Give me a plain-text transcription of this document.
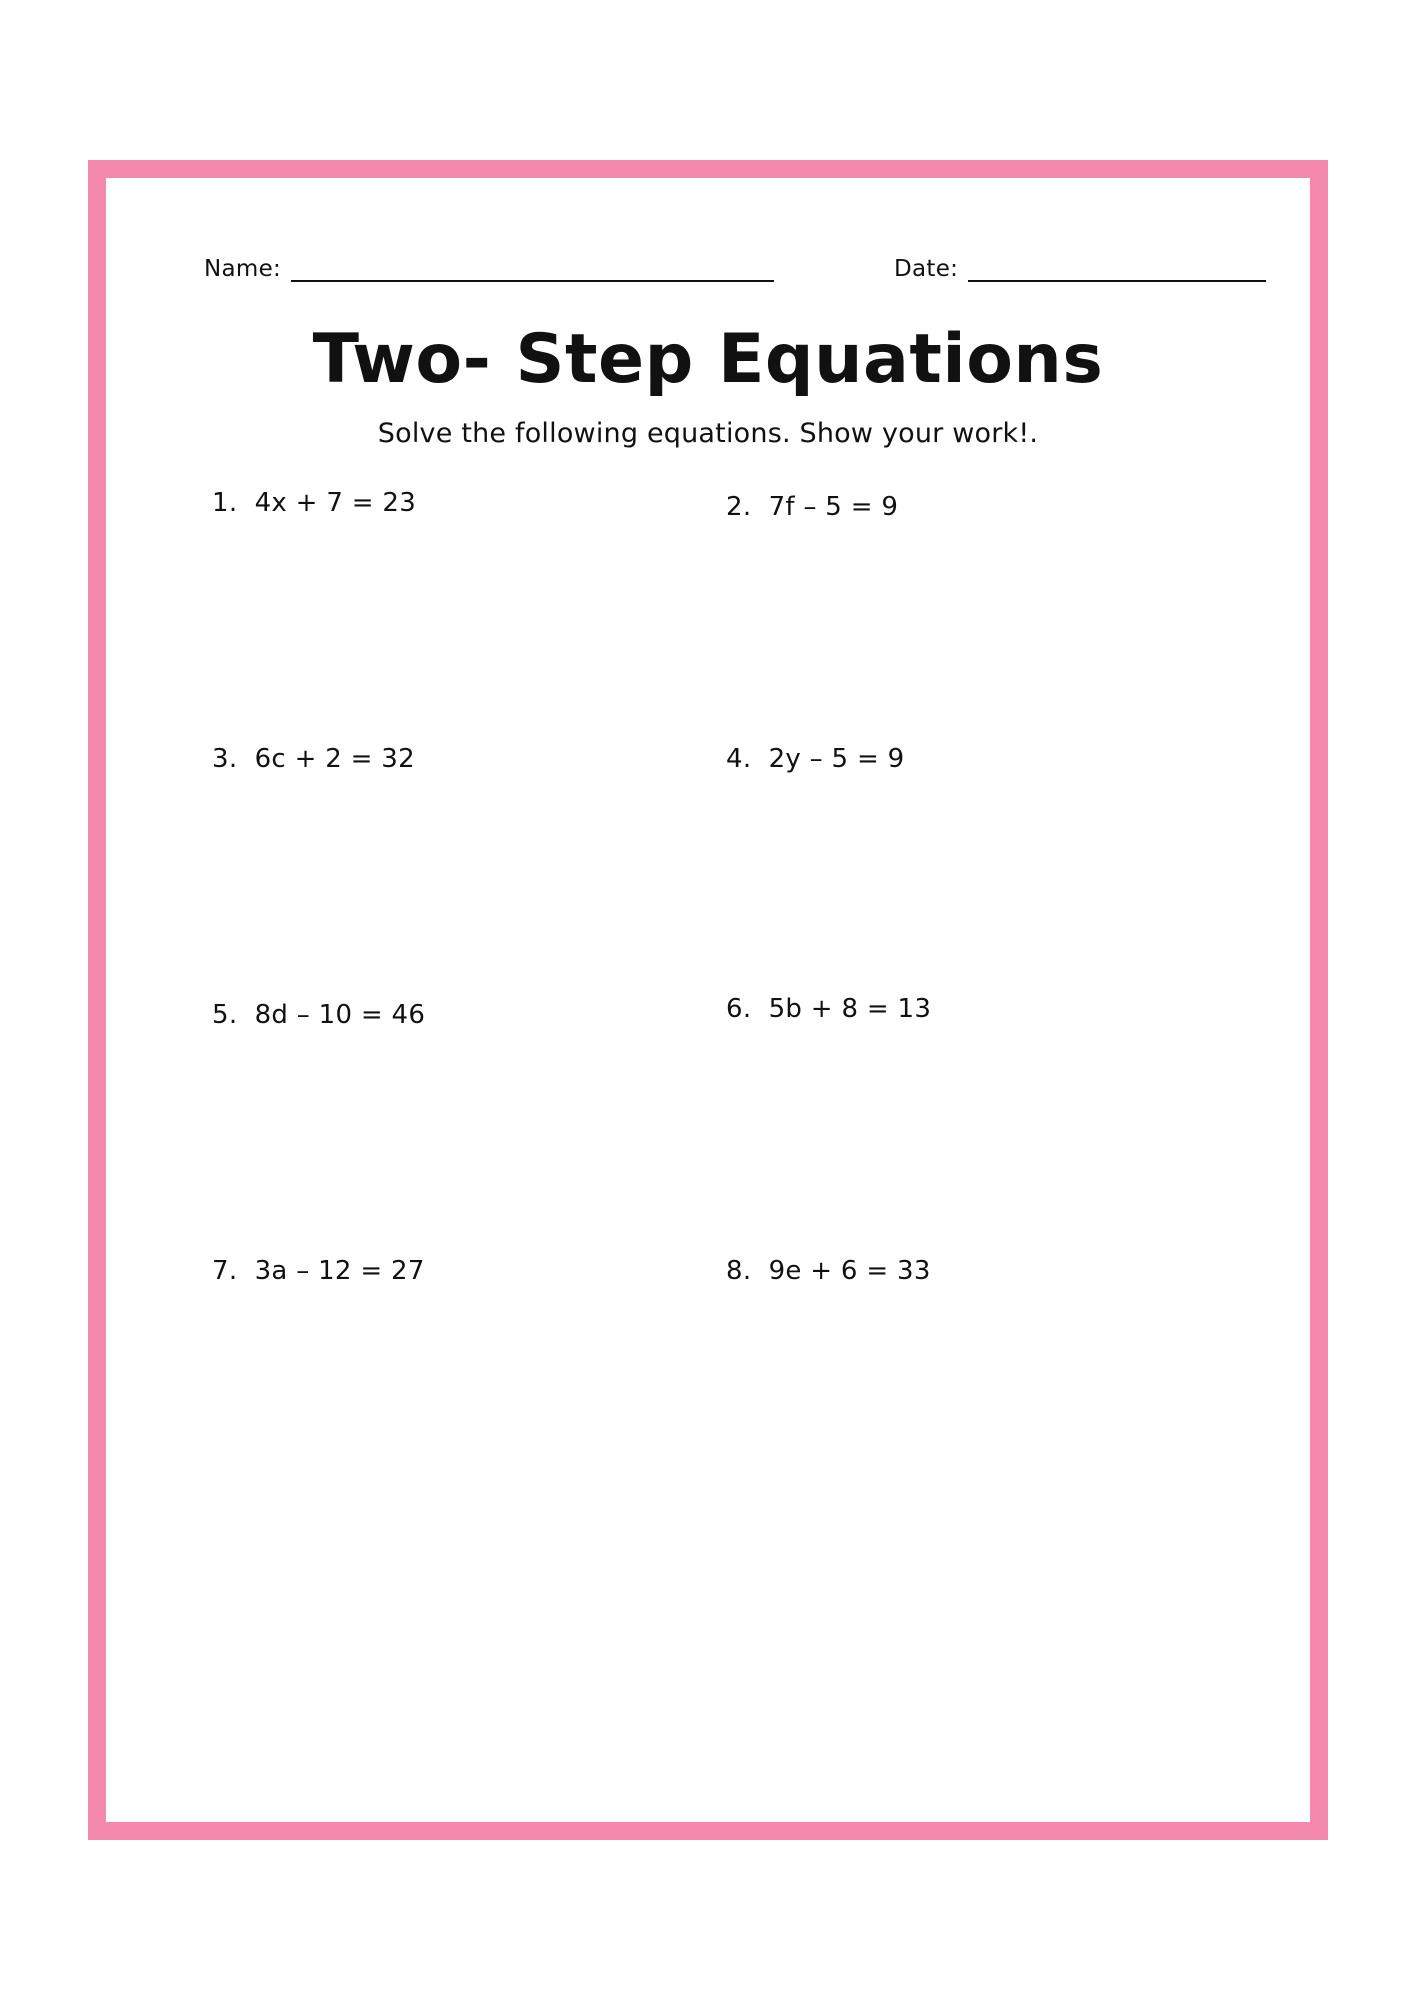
Name:	Date:
Two- Step Equations
Solve the following equations. Show your work!.
1. 4x + 7 = 23	2. 7f – 5 = 9
3. 6c + 2 = 32	4. 2y – 5 = 9
5. 8d – 10 = 46	6. 5b + 8 = 13
7. 3a – 12 = 27	8. 9e + 6 = 33
